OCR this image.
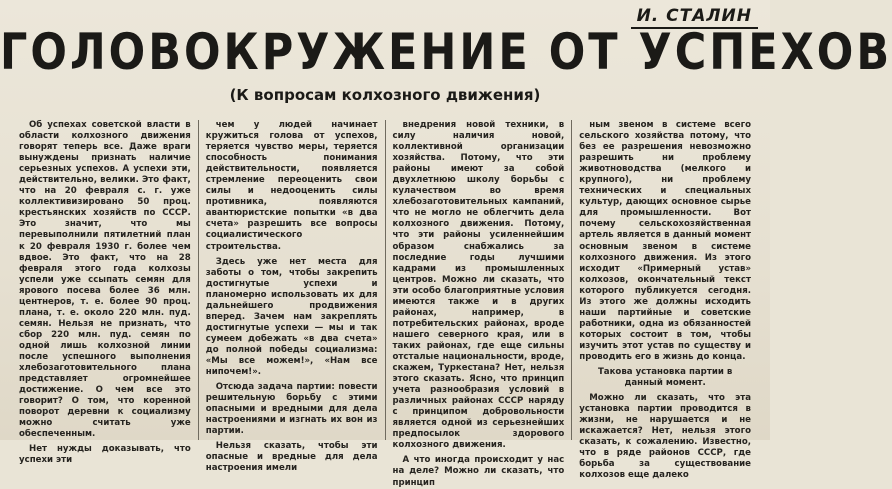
И. СТАЛИН
ГОЛОВОКРУЖЕНИЕ ОТ УСПЕХОВ
(К вопросам колхозного движения)

Об успехах советской власти в области колхозного движения говорят теперь все. Даже враги вынуждены признать наличие серьезных успехов. А успехи эти, действительно, велики. Это факт, что на 20 февраля с. г. уже коллективизировано 50 проц. крестьянских хозяйств по СССР. Это значит, что мы перевыполнили пятилетний план к 20 февраля 1930 г. более чем вдвое. Это факт, что на 28 февраля этого года колхозы успели уже ссыпать семян для ярового посева более 36 млн. центнеров, т. е. более 90 проц. плана, т. е. около 220 млн. пуд. семян. Нельзя не признать, что сбор 220 млн. пуд. семян по одной лишь колхозной линии после успешного выполнения хлебозаготовительного плана представляет огромнейшее достижение. О чем все это говорит? О том, что коренной поворот деревни к социализму можно считать уже обеспеченным.

Нет нужды доказывать, что успехи эти

чем у людей начинает кружиться голова от успехов, теряется чувство меры, теряется способность понимания действительности, появляется стремление переоценить свои силы и недооценить силы противника, появляются авантюристские попытки «в два счета» разрешить все вопросы социалистического строительства.

Здесь уже нет места для заботы о том, чтобы закрепить достигнутые успехи и планомерно использовать их для дальнейшего продвижения вперед. Зачем нам закреплять достигнутые успехи — мы и так сумеем добежать «в два счета» до полной победы социализма: «Мы все можем!», «Нам все нипочем!».

Отсюда задача партии: повести решительную борьбу с этими опасными и вредными для дела настроениями и изгнать их вон из партии.

Нельзя сказать, чтобы эти опасные и вредные для дела настроения имели

внедрения новой техники, в силу наличия новой, коллективной организации хозяйства. Потому, что эти районы имеют за собой двухлетнюю школу борьбы с кулачеством во время хлебозаготовительных кампаний, что не могло не облегчить дела колхозного движения. Потому, что эти районы усиленнейшим образом снабжались за последние годы лучшими кадрами из промышленных центров. Можно ли сказать, что эти особо благоприятные условия имеются также и в других районах, например, в потребительских районах, вроде нашего северного края, или в таких районах, где еще сильны отсталые национальности, вроде, скажем, Туркестана? Нет, нельзя этого сказать. Ясно, что принцип учета разнообразия условий в различных районах СССР наряду с принципом добровольности является одной из серьезнейших предпосылок здорового колхозного движения.

А что иногда происходит у нас на деле? Можно ли сказать, что принцип

ным звеном в системе всего сельского хозяйства потому, что без ее разрешения невозможно разрешить ни проблему животноводства (мелкого и крупного), ни проблему технических и специальных культур, дающих основное сырье для промышленности. Вот почему сельскохозяйственная артель является в данный момент основным звеном в системе колхозного движения. Из этого исходит «Примерный устав» колхозов, окончательный текст которого публикуется сегодня. Из этого же должны исходить наши партийные и советские работники, одна из обязанностей которых состоит в том, чтобы изучить этот устав по существу и проводить его в жизнь до конца.

Такова установка партии в данный момент.

Можно ли сказать, что эта установка партии проводится в жизни, не нарушается и не искажается? Нет, нельзя этого сказать, к сожалению. Известно, что в ряде районов СССР, где борьба за существование колхозов еще далеко
